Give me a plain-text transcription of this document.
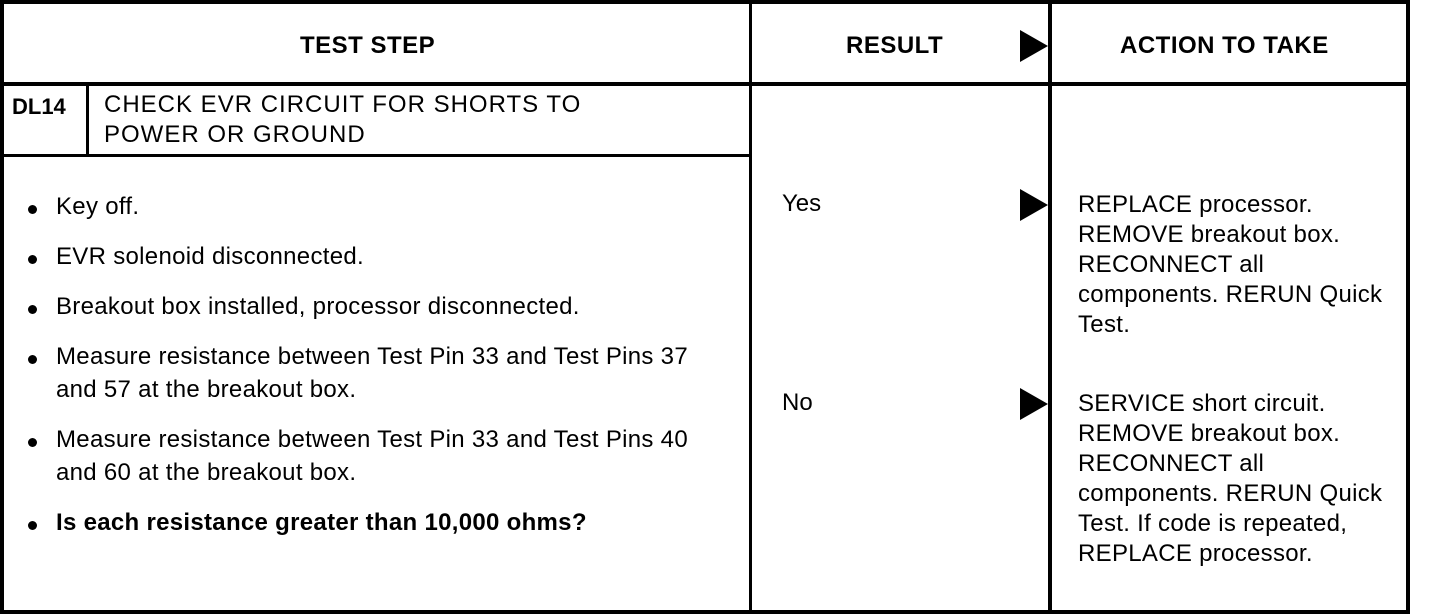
TEST STEP	RESULT	ACTION TO TAKE
DL14 CHECK EVR CIRCUIT FOR SHORTS TO
POWER OR GROUND
Key off.
EVR solenoid disconnected.
Breakout box installed, processor disconnected.
Measure resistance between Test Pin 33 and Test Pins 37 and 57 at the breakout box.
Measure resistance between Test Pin 33 and Test Pins 40 and 60 at the breakout box.
Is each resistance greater than 10,000 ohms?
Yes	REPLACE processor. REMOVE breakout box. RECONNECT all components. RERUN Quick Test.
No	SERVICE short circuit. REMOVE breakout box. RECONNECT all components. RERUN Quick Test. If code is repeated, REPLACE processor.
